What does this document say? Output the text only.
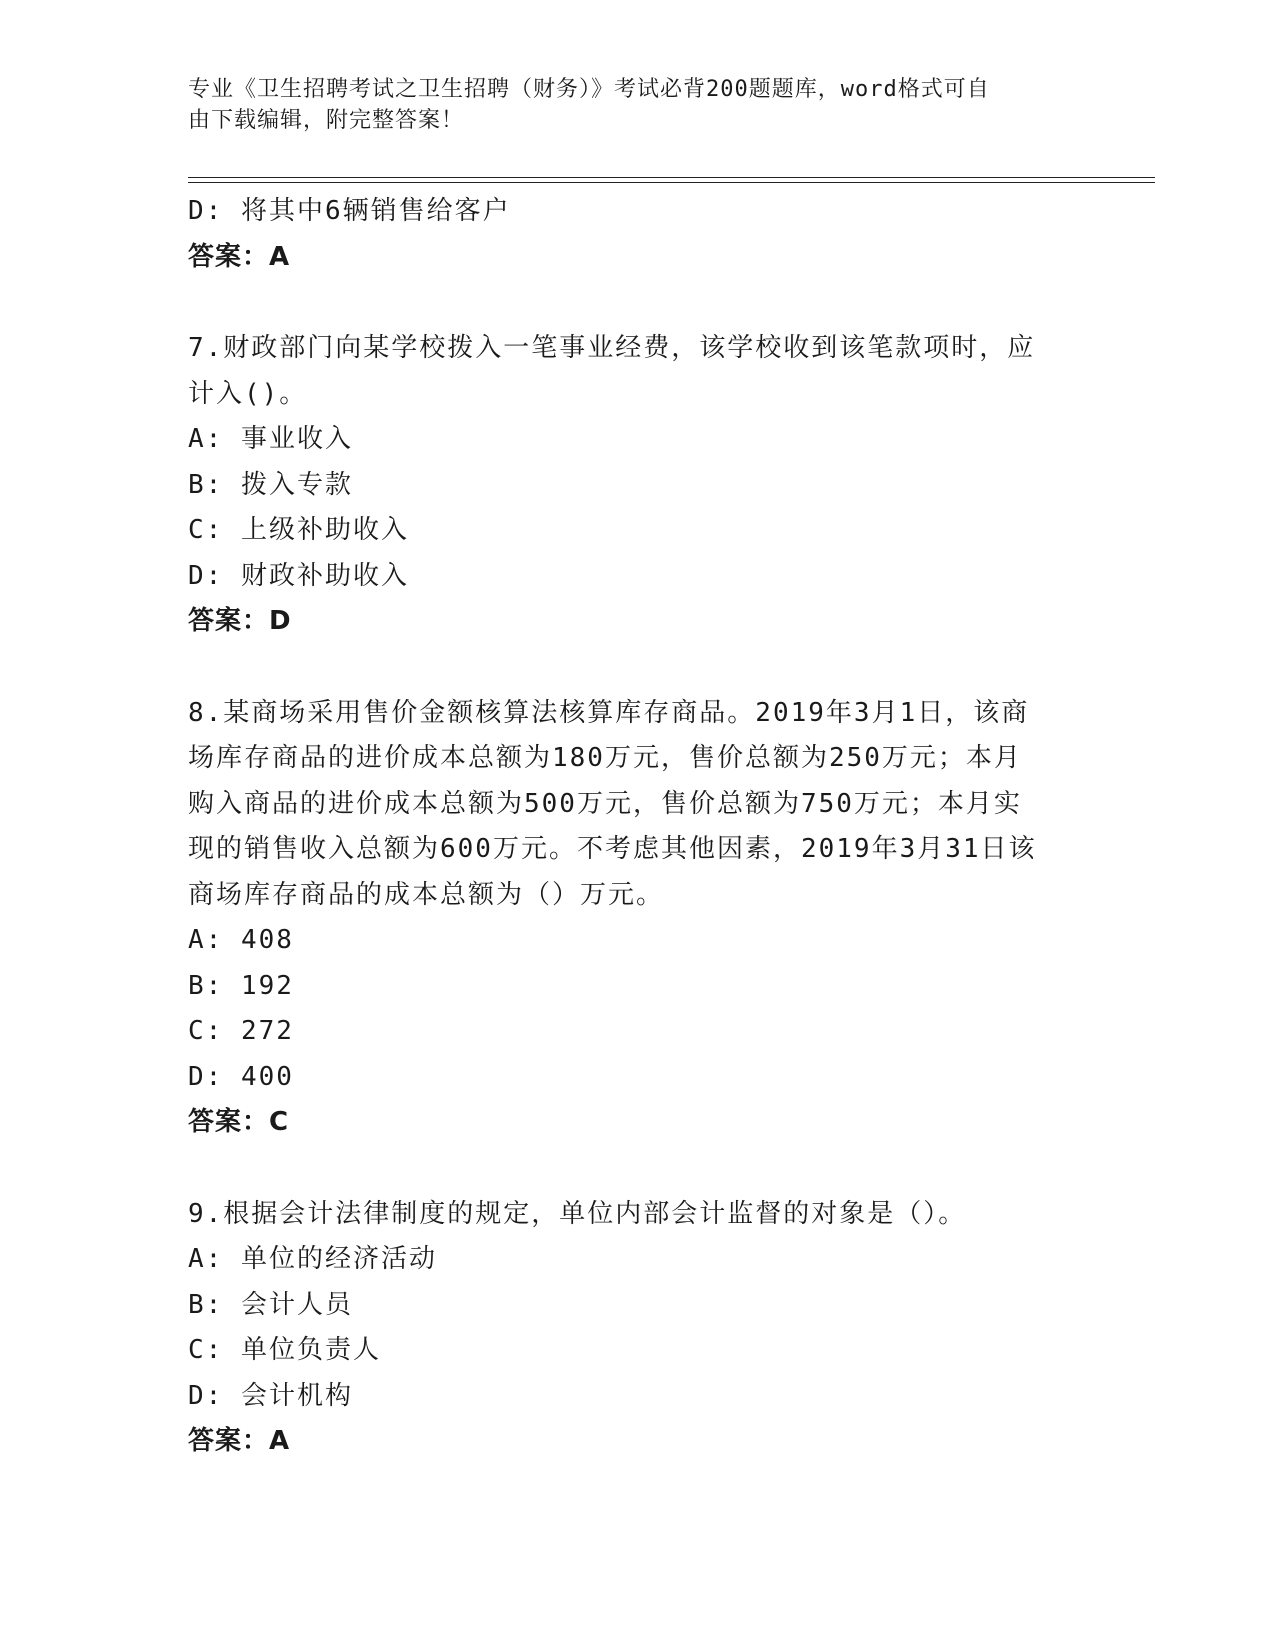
专业《卫生招聘考试之卫生招聘（财务）》考试必背200题题库，word格式可自
由下载编辑，附完整答案！
D: 将其中6辆销售给客户
答案：A
7.财政部门向某学校拨入一笔事业经费，该学校收到该笔款项时，应
计入()。
A: 事业收入
B: 拨入专款
C: 上级补助收入
D: 财政补助收入
答案：D
8.某商场采用售价金额核算法核算库存商品。2019年3月1日，该商
场库存商品的进价成本总额为180万元，售价总额为250万元；本月
购入商品的进价成本总额为500万元，售价总额为750万元；本月实
现的销售收入总额为600万元。不考虑其他因素，2019年3月31日该
商场库存商品的成本总额为（）万元。
A: 408
B: 192
C: 272
D: 400
答案：C
9.根据会计法律制度的规定，单位内部会计监督的对象是（）。
A: 单位的经济活动
B: 会计人员
C: 单位负责人
D: 会计机构
答案：A
